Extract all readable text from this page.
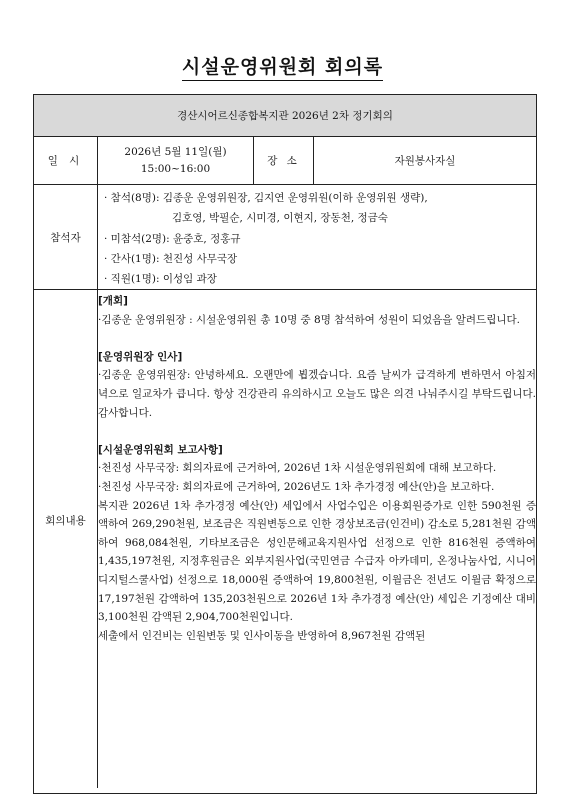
시설운영위원회 회의록
경산시어르신종합복지관 2026년 2차 정기회의
일 시
2026년 5월 11일(월)
15:00~16:00
장 소	자원봉사자실
참석자
· 참석(8명): 김종운 운영위원장, 김지연 운영위원(이하 운영위원 생략),
김호영, 박필순, 시미경, 이현지, 장동천, 정금숙
· 미참석(2명): 윤중호, 정홍규
· 간사(1명): 천진성 사무국장
· 직원(1명): 이성임 과장
회의내용
[개회]

·김종운 운영위원장 : 시설운영위원 총 10명 중 8명 참석하여 성원이 되었음을 알려드립니다.

[운영위원장 인사]

·김종운 운영위원장: 안녕하세요. 오랜만에 뵙겠습니다. 요즘 날씨가 급격하게 변하면서 아침저녁으로 일교차가 큽니다. 항상 건강관리 유의하시고 오늘도 많은 의견 나눠주시길 부탁드립니다. 감사합니다.

[시설운영위원회 보고사항]

·천진성 사무국장: 회의자료에 근거하여, 2026년 1차 시설운영위원회에 대해 보고하다.

·천진성 사무국장: 회의자료에 근거하여, 2026년도 1차 추가경정 예산(안)을 보고하다.

복지관 2026년 1차 추가경정 예산(안) 세입에서 사업수입은 이용회원증가로 인한 590천원 증액하여 269,290천원, 보조금은 직원변동으로 인한 경상보조금(인건비) 감소로 5,281천원 감액하여 968,084천원, 기타보조금은 성인문해교육지원사업 선정으로 인한 816천원 증액하여 1,435,197천원, 지정후원금은 외부지원사업(국민연금 수급자 아카데미, 온정나눔사업, 시니어디지털스쿨사업) 선정으로 18,000원 증액하여 19,800천원, 이월금은 전년도 이월금 확정으로 17,197천원 감액하여 135,203천원으로 2026년 1차 추가경정 예산(안) 세입은 기정예산 대비 3,100천원 감액된 2,904,700천원입니다.

세출에서 인건비는 인원변동 및 인사이동을 반영하여 8,967천원 감액된
